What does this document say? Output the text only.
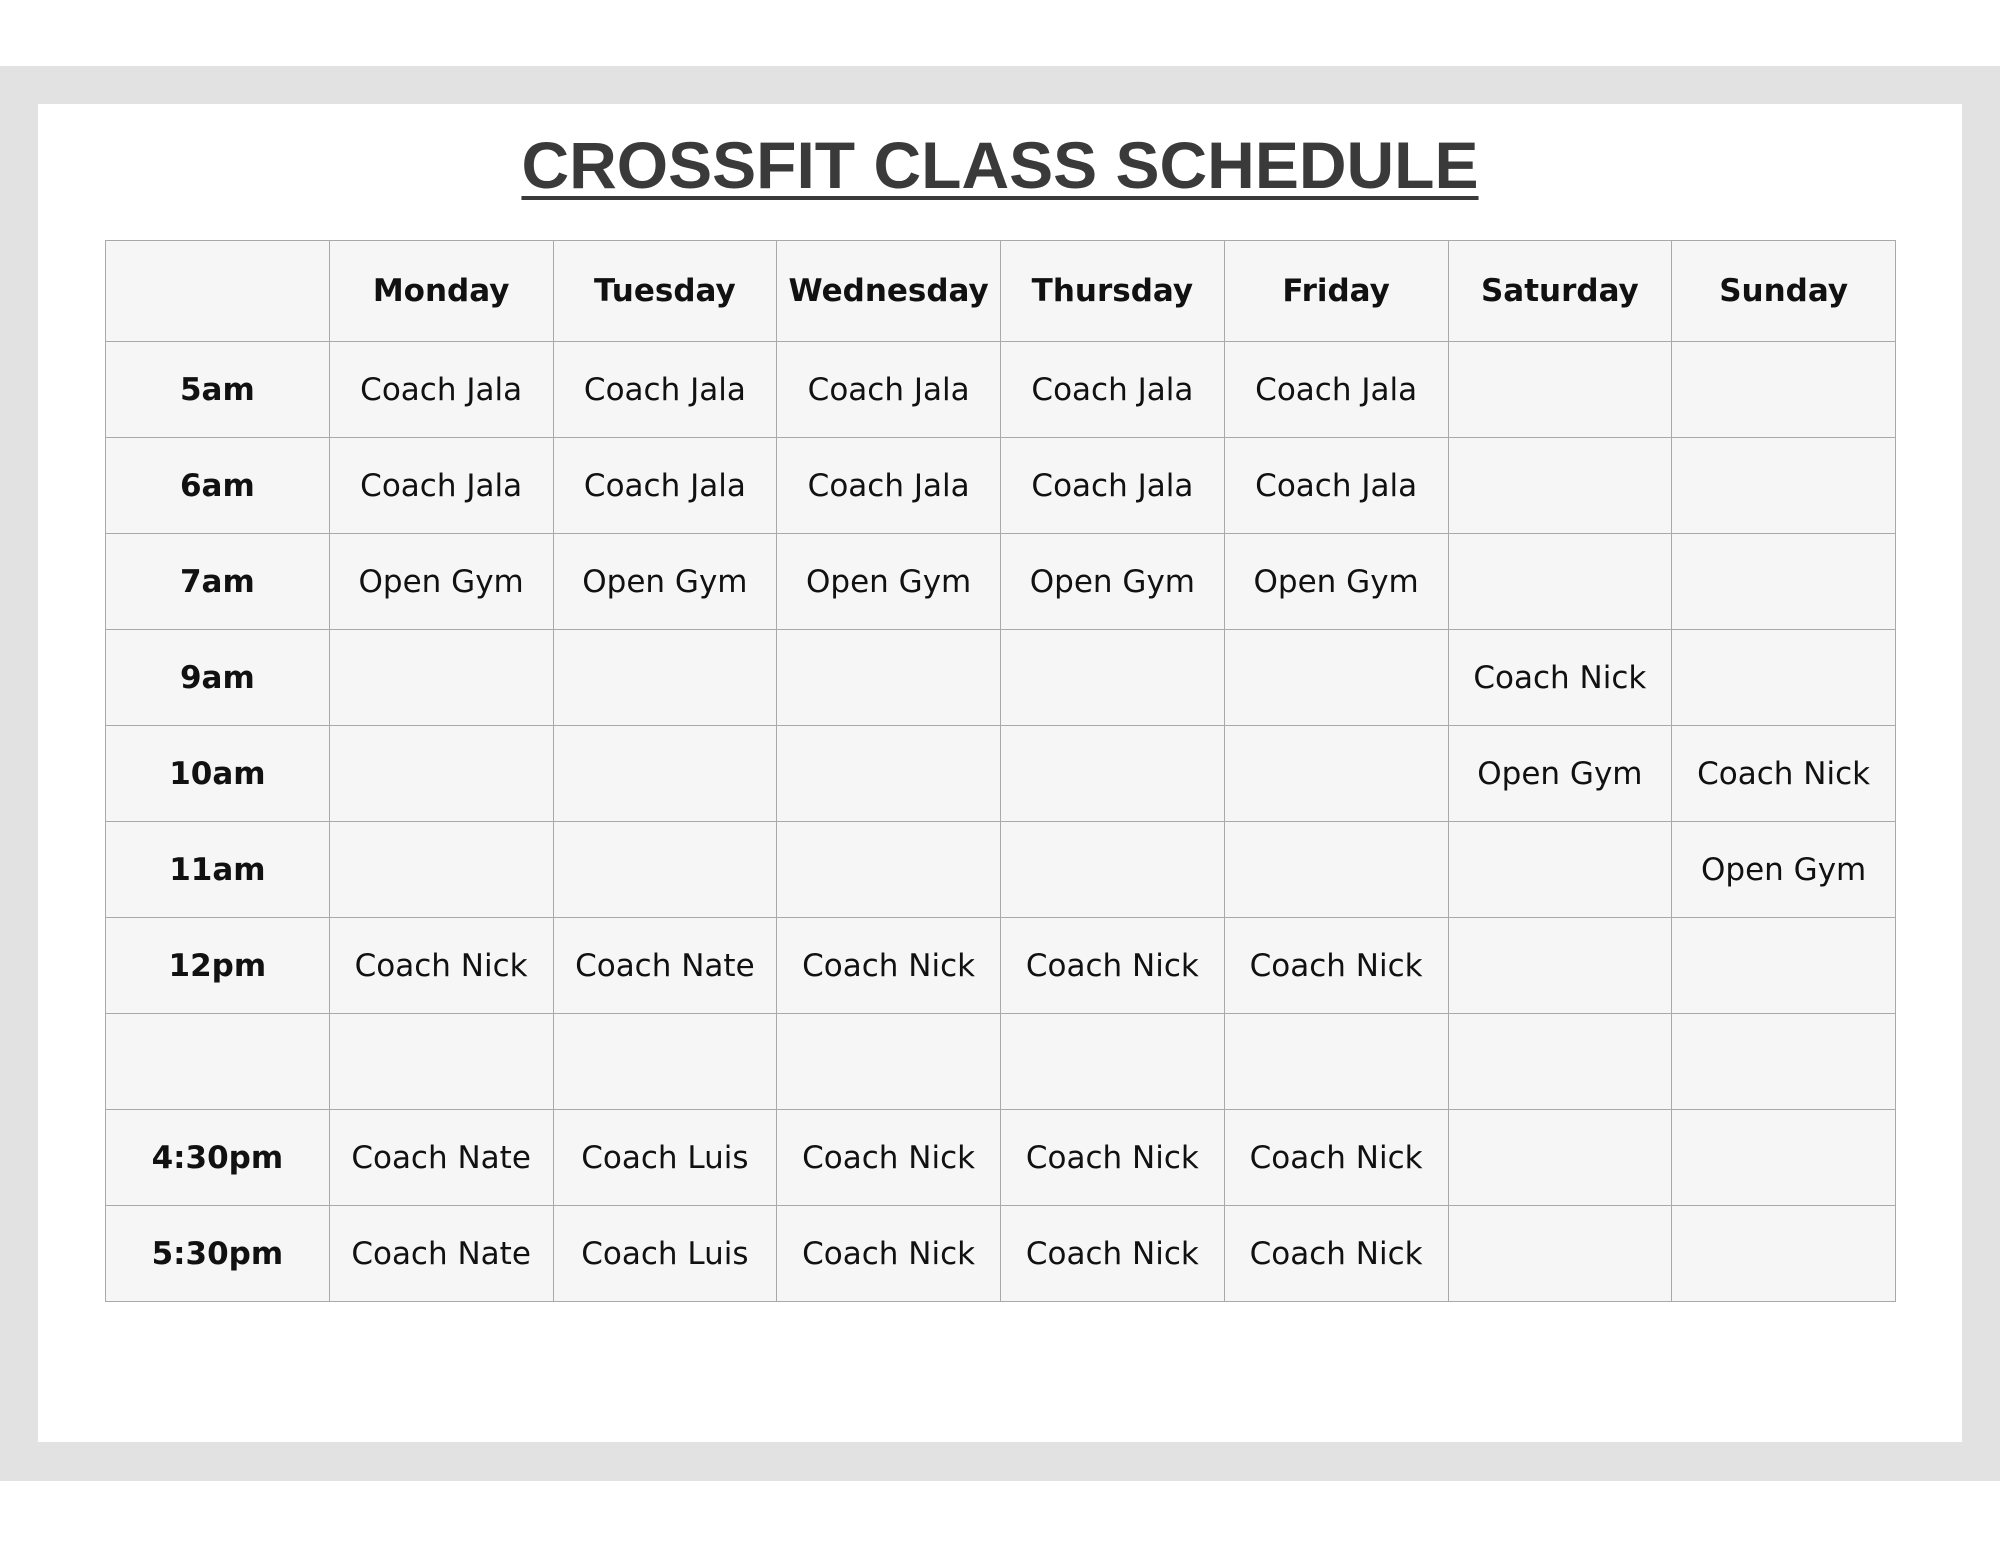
CROSSFIT CLASS SCHEDULE
	Monday	Tuesday	Wednesday	Thursday	Friday	Saturday	Sunday
5am	Coach Jala	Coach Jala	Coach Jala	Coach Jala	Coach Jala		
6am	Coach Jala	Coach Jala	Coach Jala	Coach Jala	Coach Jala		
7am	Open Gym	Open Gym	Open Gym	Open Gym	Open Gym		
9am						Coach Nick	
10am						Open Gym	Coach Nick
11am							Open Gym
12pm	Coach Nick	Coach Nate	Coach Nick	Coach Nick	Coach Nick		

4:30pm	Coach Nate	Coach Luis	Coach Nick	Coach Nick	Coach Nick		
5:30pm	Coach Nate	Coach Luis	Coach Nick	Coach Nick	Coach Nick		
